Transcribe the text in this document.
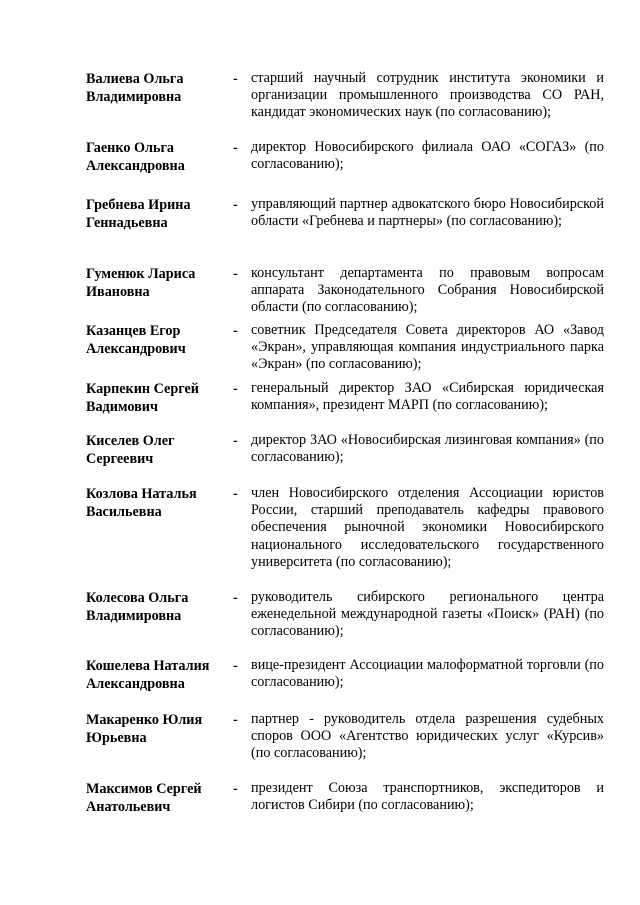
Валиева Ольга
Владимировна
- старший научный сотрудник института экономики и организации промышленного производства СО РАН, кандидат экономических наук (по согласованию);
Гаенко Ольга
Александровна
- директор Новосибирского филиала ОАО «СОГАЗ» (по согласованию);
Гребнева Ирина
Геннадьевна
- управляющий партнер адвокатского бюро Новосибирской области «Гребнева и партнеры» (по согласованию);
Гуменюк Лариса
Ивановна
- консультант департамента по правовым вопросам аппарата Законодательного Собрания Новосибирской области (по согласованию);
Казанцев Егор
Александрович
- советник Председателя Совета директоров АО «Завод «Экран», управляющая компания индустриального парка «Экран» (по согласованию);
Карпекин Сергей
Вадимович
- генеральный директор ЗАО «Сибирская юридическая компания», президент МАРП (по согласованию);
Киселев Олег
Сергеевич
- директор ЗАО «Новосибирская лизинговая компания» (по согласованию);
Козлова Наталья
Васильевна
- член Новосибирского отделения Ассоциации юристов России, старший преподаватель кафедры правового обеспечения рыночной экономики Новосибирского национального исследовательского государственного университета (по согласованию);
Колесова Ольга
Владимировна
- руководитель сибирского регионального центра еженедельной международной газеты «Поиск» (РАН) (по согласованию);
Кошелева Наталия
Александровна
- вице-президент Ассоциации малоформатной торговли (по согласованию);
Макаренко Юлия
Юрьевна
- партнер - руководитель отдела разрешения судебных споров ООО «Агентство юридических услуг «Курсив» (по согласованию);
Максимов Сергей
Анатольевич
- президент Союза транспортников, экспедиторов и логистов Сибири (по согласованию);
